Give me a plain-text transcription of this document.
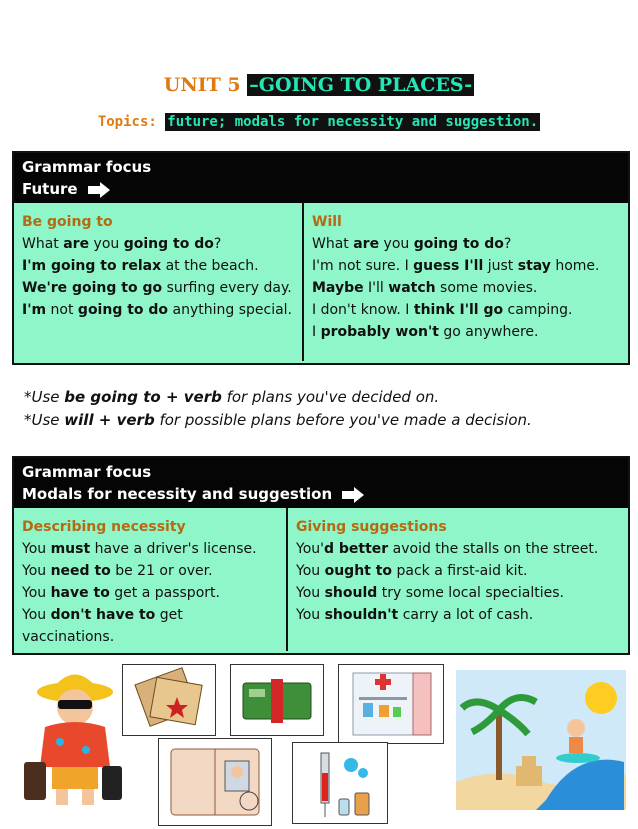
UNIT 5 –GOING TO PLACES-
Topics: future; modals for necessity and suggestion.
Grammar focus
Future
Be going to
What are you going to do?
I'm going to relax at the beach.
We're going to go surfing every day.
I'm not going to do anything special.
Will
What are you going to do?
I'm not sure. I guess I'll just stay home.
Maybe I'll watch some movies.
I don't know. I think I'll go camping.
I probably won't go anywhere.
*Use be going to + verb for plans you've decided on.
*Use will + verb for possible plans before you've made a decision.
Grammar focus
Modals for necessity and suggestion
Describing necessity
You must have a driver's license.
You need to be 21 or over.
You have to get a passport.
You don't have to get vaccinations.
Giving suggestions
You'd better avoid the stalls on the street.
You ought to pack a first-aid kit.
You should try some local specialties.
You shouldn't carry a lot of cash.
